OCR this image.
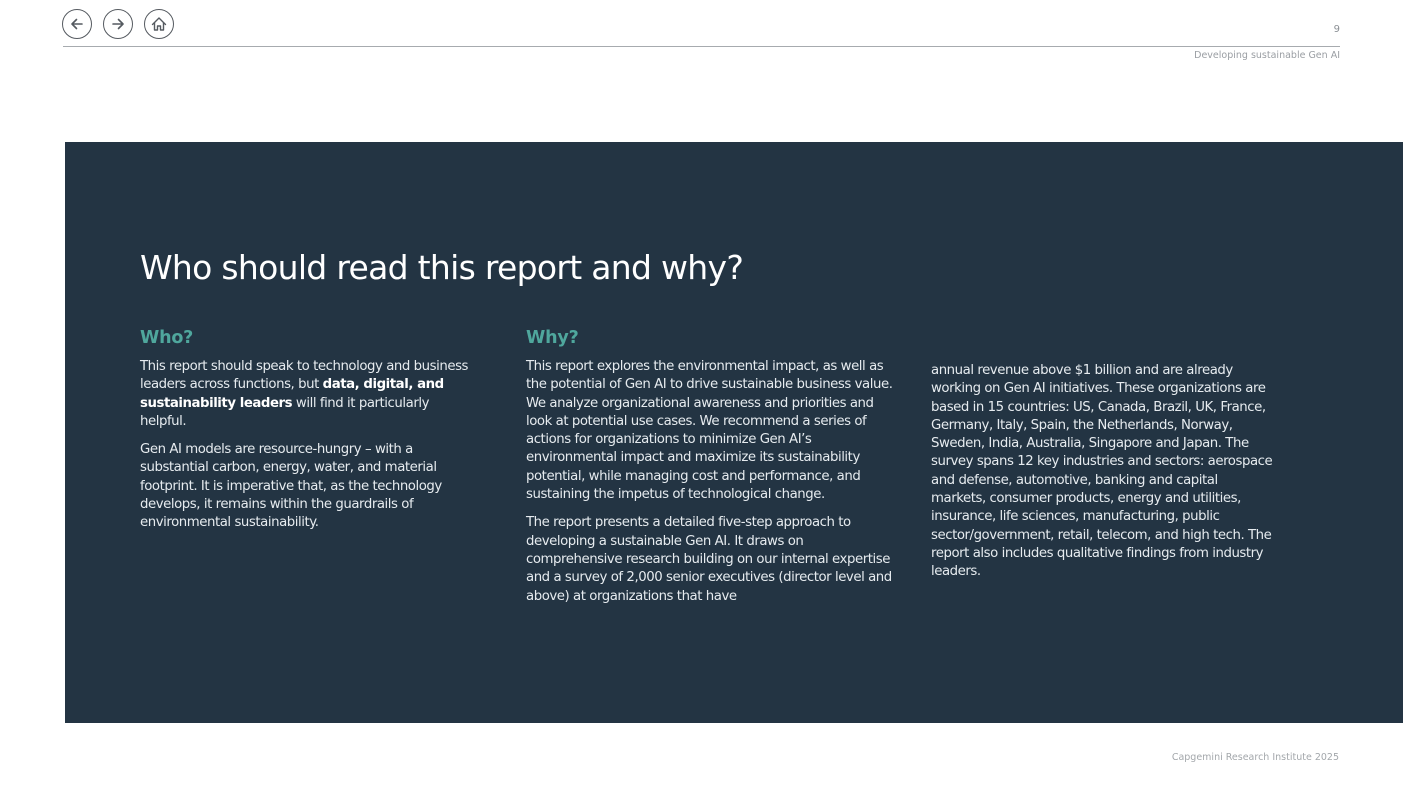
9
Developing sustainable Gen AI
Who should read this report and why?
Who?

This report should speak to technology and business leaders across functions, but data, digital, and sustainability leaders will find it particularly helpful.

Gen AI models are resource-hungry – with a substantial carbon, energy, water, and material footprint. It is imperative that, as the technology develops, it remains within the guardrails of environmental sustainability.

Why?

This report explores the environmental impact, as well as the potential of Gen AI to drive sustainable business value. We analyze organizational awareness and priorities and look at potential use cases. We recommend a series of actions for organizations to minimize Gen AI’s environmental impact and maximize its sustainability potential, while managing cost and performance, and sustaining the impetus of technological change.

The report presents a detailed five-step approach to developing a sustainable Gen AI. It draws on comprehensive research building on our internal expertise and a survey of 2,000 senior executives (director level and above) at organizations that have

annual revenue above $1 billion and are already working on Gen AI initiatives. These organizations are based in 15 countries: US, Canada, Brazil, UK, France, Germany, Italy, Spain, the Netherlands, Norway, Sweden, India, Australia, Singapore and Japan. The survey spans 12 key industries and sectors: aerospace and defense, automotive, banking and capital markets, consumer products, energy and utilities, insurance, life sciences, manufacturing, public sector/government, retail, telecom, and high tech. The report also includes qualitative findings from industry leaders.

Capgemini Research Institute 2025
